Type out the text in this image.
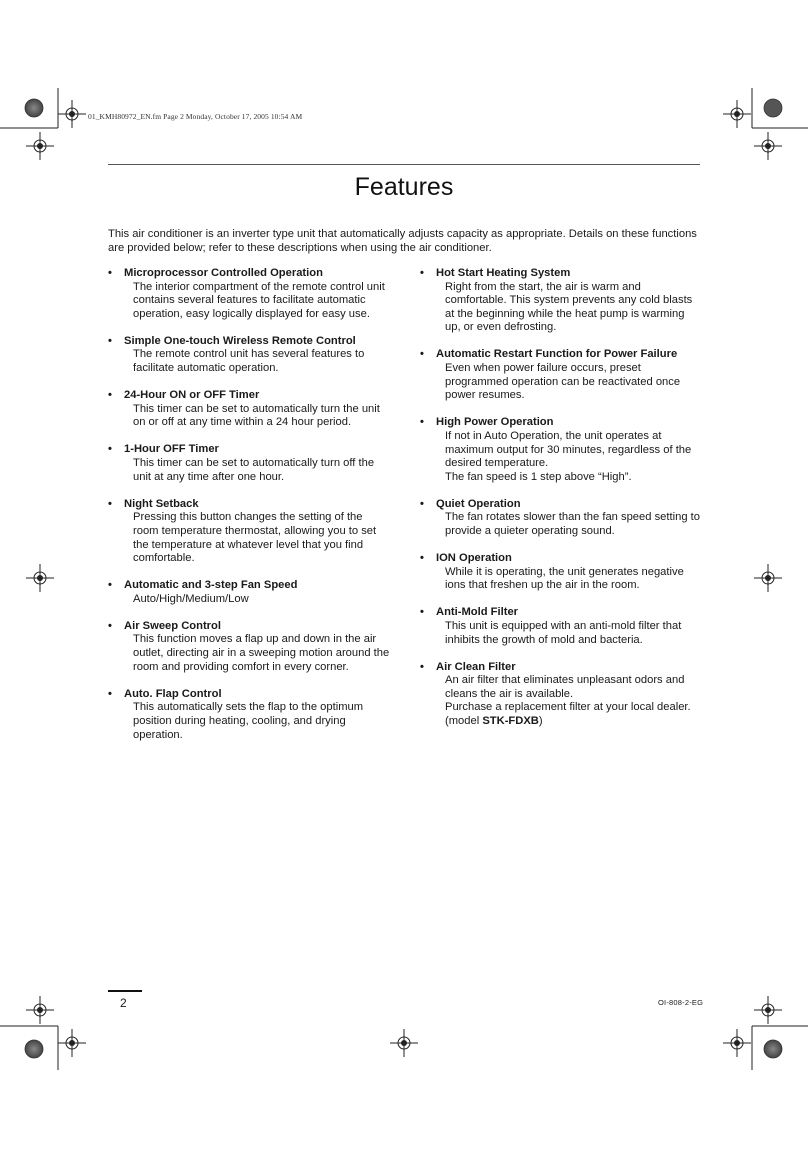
01_KMH80972_EN.fm Page 2 Monday, October 17, 2005 10:54 AM
Features

This air conditioner is an inverter type unit that automatically adjusts capacity as appropriate. Details on these functions are provided below; refer to these descriptions when using the air conditioner.

• Microprocessor Controlled Operation
The interior compartment of the remote control unit contains several features to facilitate automatic operation, easy logically displayed for easy use.
• Simple One-touch Wireless Remote Control
The remote control unit has several features to facilitate automatic operation.
• 24-Hour ON or OFF Timer
This timer can be set to automatically turn the unit on or off at any time within a 24 hour period.
• 1-Hour OFF Timer
This timer can be set to automatically turn off the unit at any time after one hour.
• Night Setback
Pressing this button changes the setting of the room temperature thermostat, allowing you to set the temperature at whatever level that you find comfortable.
• Automatic and 3-step Fan Speed
Auto/High/Medium/Low
• Air Sweep Control
This function moves a flap up and down in the air outlet, directing air in a sweeping motion around the room and providing comfort in every corner.
• Auto. Flap Control
This automatically sets the flap to the optimum position during heating, cooling, and drying operation.
• Hot Start Heating System
Right from the start, the air is warm and comfortable. This system prevents any cold blasts at the beginning while the heat pump is warming up, or even defrosting.
• Automatic Restart Function for Power Failure
Even when power failure occurs, preset programmed operation can be reactivated once power resumes.
• High Power Operation
If not in Auto Operation, the unit operates at maximum output for 30 minutes, regardless of the desired temperature.
The fan speed is 1 step above “High”.
• Quiet Operation
The fan rotates slower than the fan speed setting to provide a quieter operating sound.
• ION Operation
While it is operating, the unit generates negative ions that freshen up the air in the room.
• Anti-Mold Filter
This unit is equipped with an anti-mold filter that inhibits the growth of mold and bacteria.
• Air Clean Filter
An air filter that eliminates unpleasant odors and cleans the air is available.
Purchase a replacement filter at your local dealer.
(model STK-FDXB)
2	OI-808-2-EG
